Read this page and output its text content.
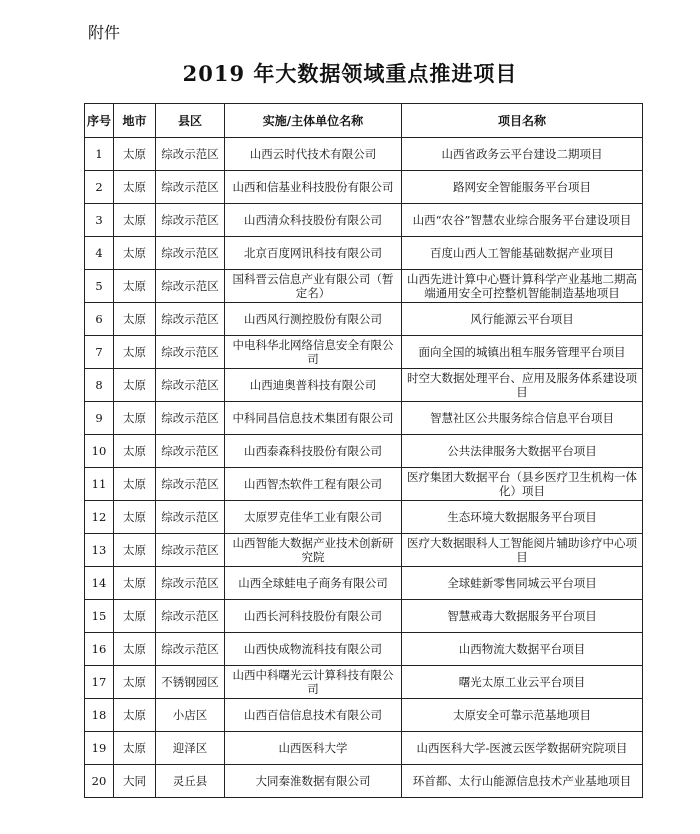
附件
2019 年大数据领域重点推进项目
序号	地市	县区	实施/主体单位名称	项目名称
1	太原	综改示范区	山西云时代技术有限公司	山西省政务云平台建设二期项目
2	太原	综改示范区	山西和信基业科技股份有限公司	路网安全智能服务平台项目
3	太原	综改示范区	山西清众科技股份有限公司	山西“农谷”智慧农业综合服务平台建设项目
4	太原	综改示范区	北京百度网讯科技有限公司	百度山西人工智能基础数据产业项目
5	太原	综改示范区	国科晋云信息产业有限公司（暂定名）	山西先进计算中心暨计算科学产业基地二期高端通用安全可控整机智能制造基地项目
6	太原	综改示范区	山西风行测控股份有限公司	风行能源云平台项目
7	太原	综改示范区	中电科华北网络信息安全有限公司	面向全国的城镇出租车服务管理平台项目
8	太原	综改示范区	山西迪奥普科技有限公司	时空大数据处理平台、应用及服务体系建设项目
9	太原	综改示范区	中科同昌信息技术集团有限公司	智慧社区公共服务综合信息平台项目
10	太原	综改示范区	山西泰森科技股份有限公司	公共法律服务大数据平台项目
11	太原	综改示范区	山西智杰软件工程有限公司	医疗集团大数据平台（县乡医疗卫生机构一体化）项目
12	太原	综改示范区	太原罗克佳华工业有限公司	生态环境大数据服务平台项目
13	太原	综改示范区	山西智能大数据产业技术创新研究院	医疗大数据眼科人工智能阅片辅助诊疗中心项目
14	太原	综改示范区	山西全球蛙电子商务有限公司	全球蛙新零售同城云平台项目
15	太原	综改示范区	山西长河科技股份有限公司	智慧戒毒大数据服务平台项目
16	太原	综改示范区	山西快成物流科技有限公司	山西物流大数据平台项目
17	太原	不锈钢园区	山西中科曙光云计算科技有限公司	曙光太原工业云平台项目
18	太原	小店区	山西百信信息技术有限公司	太原安全可靠示范基地项目
19	太原	迎泽区	山西医科大学	山西医科大学-医渡云医学数据研究院项目
20	大同	灵丘县	大同秦淮数据有限公司	环首都、太行山能源信息技术产业基地项目
